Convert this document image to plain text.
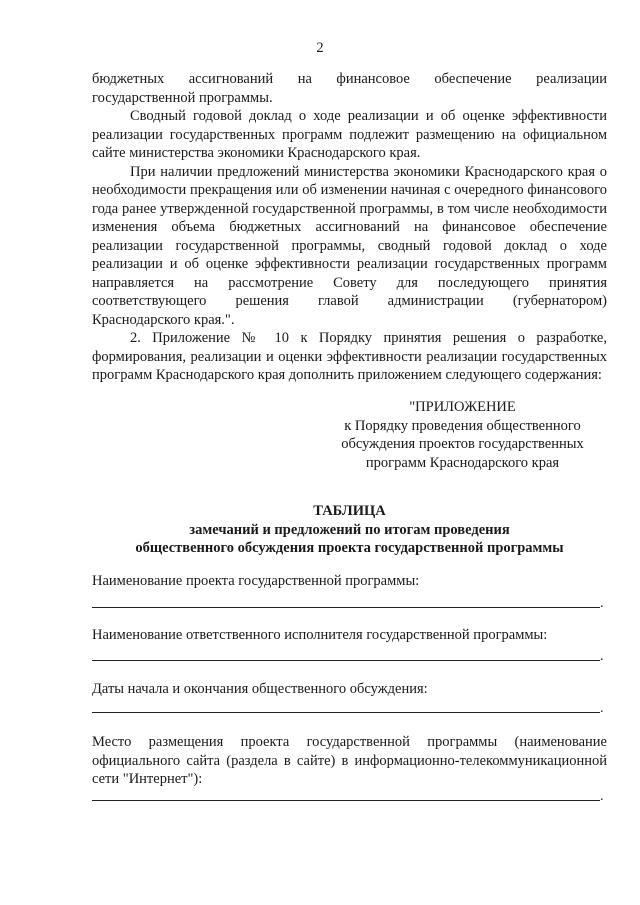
2

бюджетных ассигнований на финансовое обеспечение реализации государственной программы.

Сводный годовой доклад о ходе реализации и об оценке эффективности реализации государственных программ подлежит размещению на официальном сайте министерства экономики Краснодарского края.

При наличии предложений министерства экономики Краснодарского края о необходимости прекращения или об изменении начиная с очередного финансового года ранее утвержденной государственной программы, в том числе необходимости изменения объема бюджетных ассигнований на финансовое обеспечение реализации государственной программы, сводный годовой доклад о ходе реализации и об оценке эффективности реализации государственных программ направляется на рассмотрение Совету для последующего принятия соответствующего решения главой администрации (губернатором) Краснодарского края.".

2. Приложение № 10 к Порядку принятия решения о разработке, формирования, реализации и оценки эффективности реализации государственных программ Краснодарского края дополнить приложением следующего содержания:

"ПРИЛОЖЕНИЕ
к Порядку проведения общественного
обсуждения проектов государственных
программ Краснодарского края
ТАБЛИЦА
замечаний и предложений по итогам проведения
общественного обсуждения проекта государственной программы
Наименование проекта государственной программы:
.
Наименование ответственного исполнителя государственной программы:
.
Даты начала и окончания общественного обсуждения:
.
Место размещения проекта государственной программы (наименование официального сайта (раздела в сайте) в информационно-телекоммуникационной сети "Интернет"):
.
